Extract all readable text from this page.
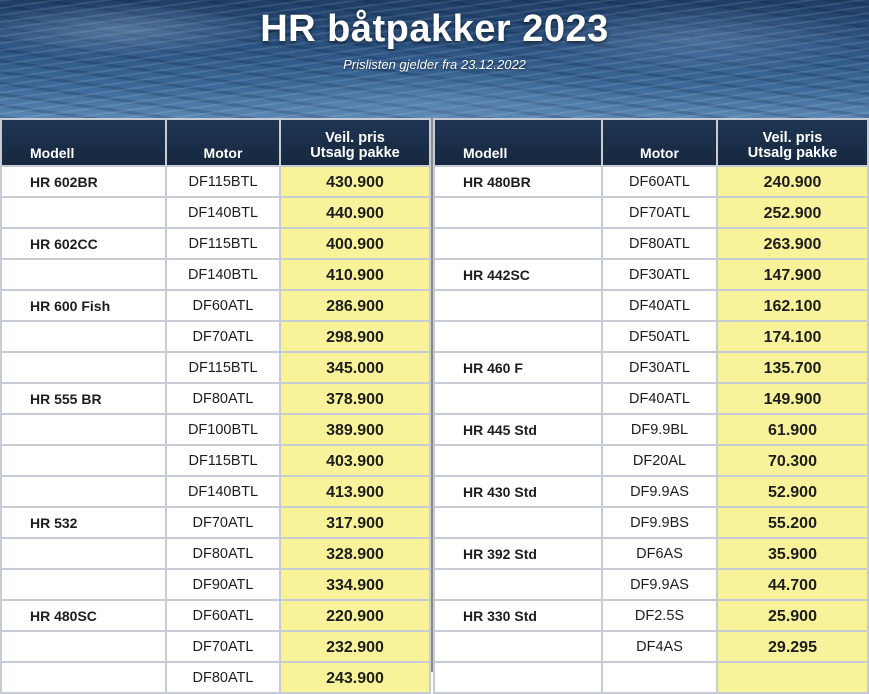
HR båtpakker 2023
Prislisten gjelder fra 23.12.2022
Modell	Motor	Veil. pris
Utsalg pakke

HR 602BR	DF115BTL	430.900
	DF140BTL	440.900
HR 602CC	DF115BTL	400.900
	DF140BTL	410.900
HR 600 Fish	DF60ATL	286.900
	DF70ATL	298.900
	DF115BTL	345.000
HR 555 BR	DF80ATL	378.900
	DF100BTL	389.900
	DF115BTL	403.900
	DF140BTL	413.900
HR 532	DF70ATL	317.900
	DF80ATL	328.900
	DF90ATL	334.900
HR 480SC	DF60ATL	220.900
	DF70ATL	232.900
	DF80ATL	243.900
Modell	Motor	Veil. pris
Utsalg pakke

HR 480BR	DF60ATL	240.900
	DF70ATL	252.900
	DF80ATL	263.900
HR 442SC	DF30ATL	147.900
	DF40ATL	162.100
	DF50ATL	174.100
HR 460 F	DF30ATL	135.700
	DF40ATL	149.900
HR 445 Std	DF9.9BL	61.900
	DF20AL	70.300
HR 430 Std	DF9.9AS	52.900
	DF9.9BS	55.200
HR 392 Std	DF6AS	35.900
	DF9.9AS	44.700
HR 330 Std	DF2.5S	25.900
	DF4AS	29.295
